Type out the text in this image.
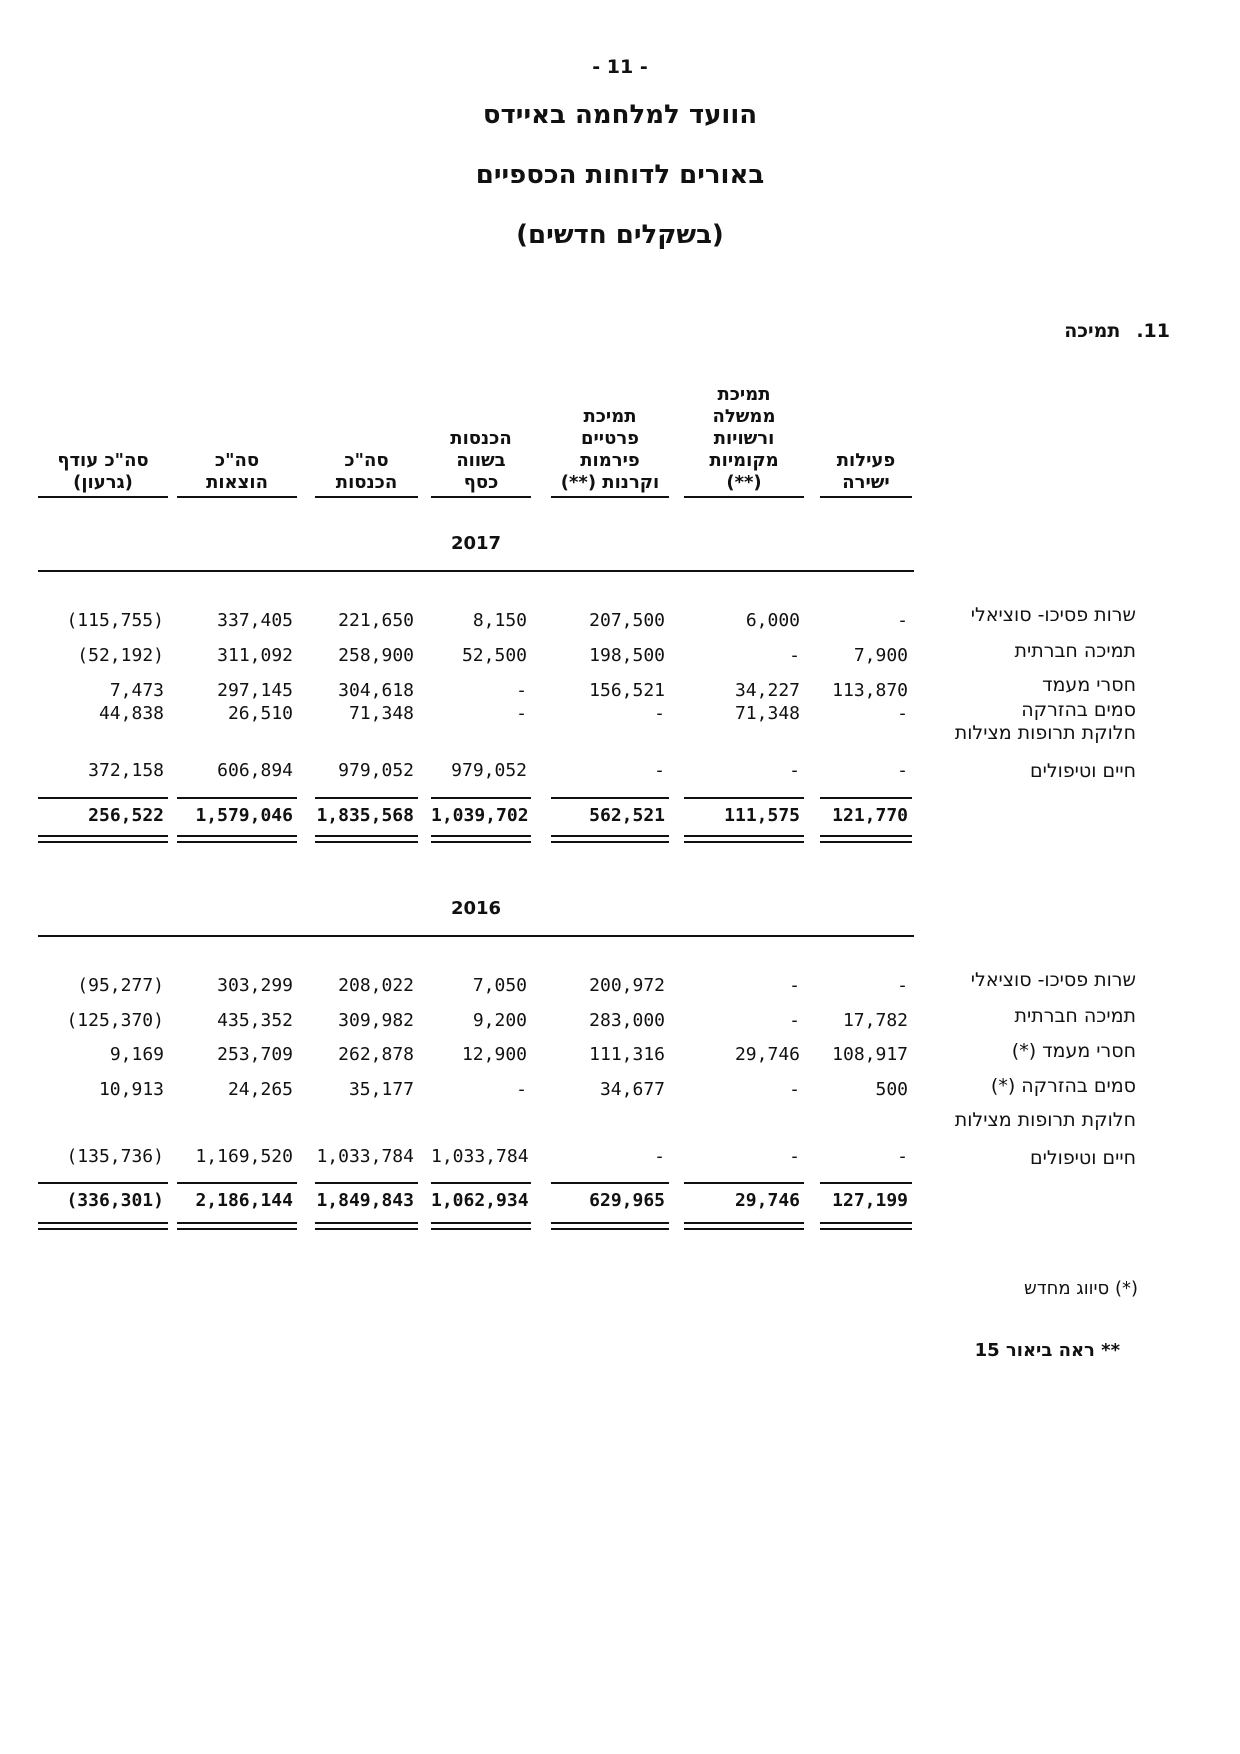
- 11 -
הוועד למלחמה באיידס
באורים לדוחות הכספיים
(בשקלים חדשים)
11.תמיכה
פעילות
ישירה
תמיכת
ממשלה
ורשויות
מקומיות
(**)
תמיכת
פרטיים
פירמות
וקרנות (**)
הכנסות
בשווה
כסף
סה"כ
הכנסות
סה"כ
הוצאות
סה"כ עודף
(גרעון)
2017
שרות פסיכו- סוציאלי
-
6,000
207,500
8,150
221,650
337,405
(115,755)
תמיכה חברתית
7,900
-
198,500
52,500
258,900
311,092
(52,192)
חסרי מעמד
113,870
34,227
156,521
-
304,618
297,145
7,473
סמים בהזרקה
חלוקת תרופות מצילות
-
71,348
-
-
71,348
26,510
44,838
חיים וטיפולים
-
-
-
979,052
979,052
606,894
372,158
121,770
111,575
562,521
1,039,702
1,835,568
1,579,046
256,522
2016
שרות פסיכו- סוציאלי
-
-
200,972
7,050
208,022
303,299
(95,277)
תמיכה חברתית
17,782
-
283,000
9,200
309,982
435,352
(125,370)
חסרי מעמד (*)
108,917
29,746
111,316
12,900
262,878
253,709
9,169
סמים בהזרקה (*)
500
-
34,677
-
35,177
24,265
10,913
חלוקת תרופות מצילות
חיים וטיפולים
-
-
-
1,033,784
1,033,784
1,169,520
(135,736)
127,199
29,746
629,965
1,062,934
1,849,843
2,186,144
(336,301)
(*) סיווג מחדש
** ראה ביאור 15
